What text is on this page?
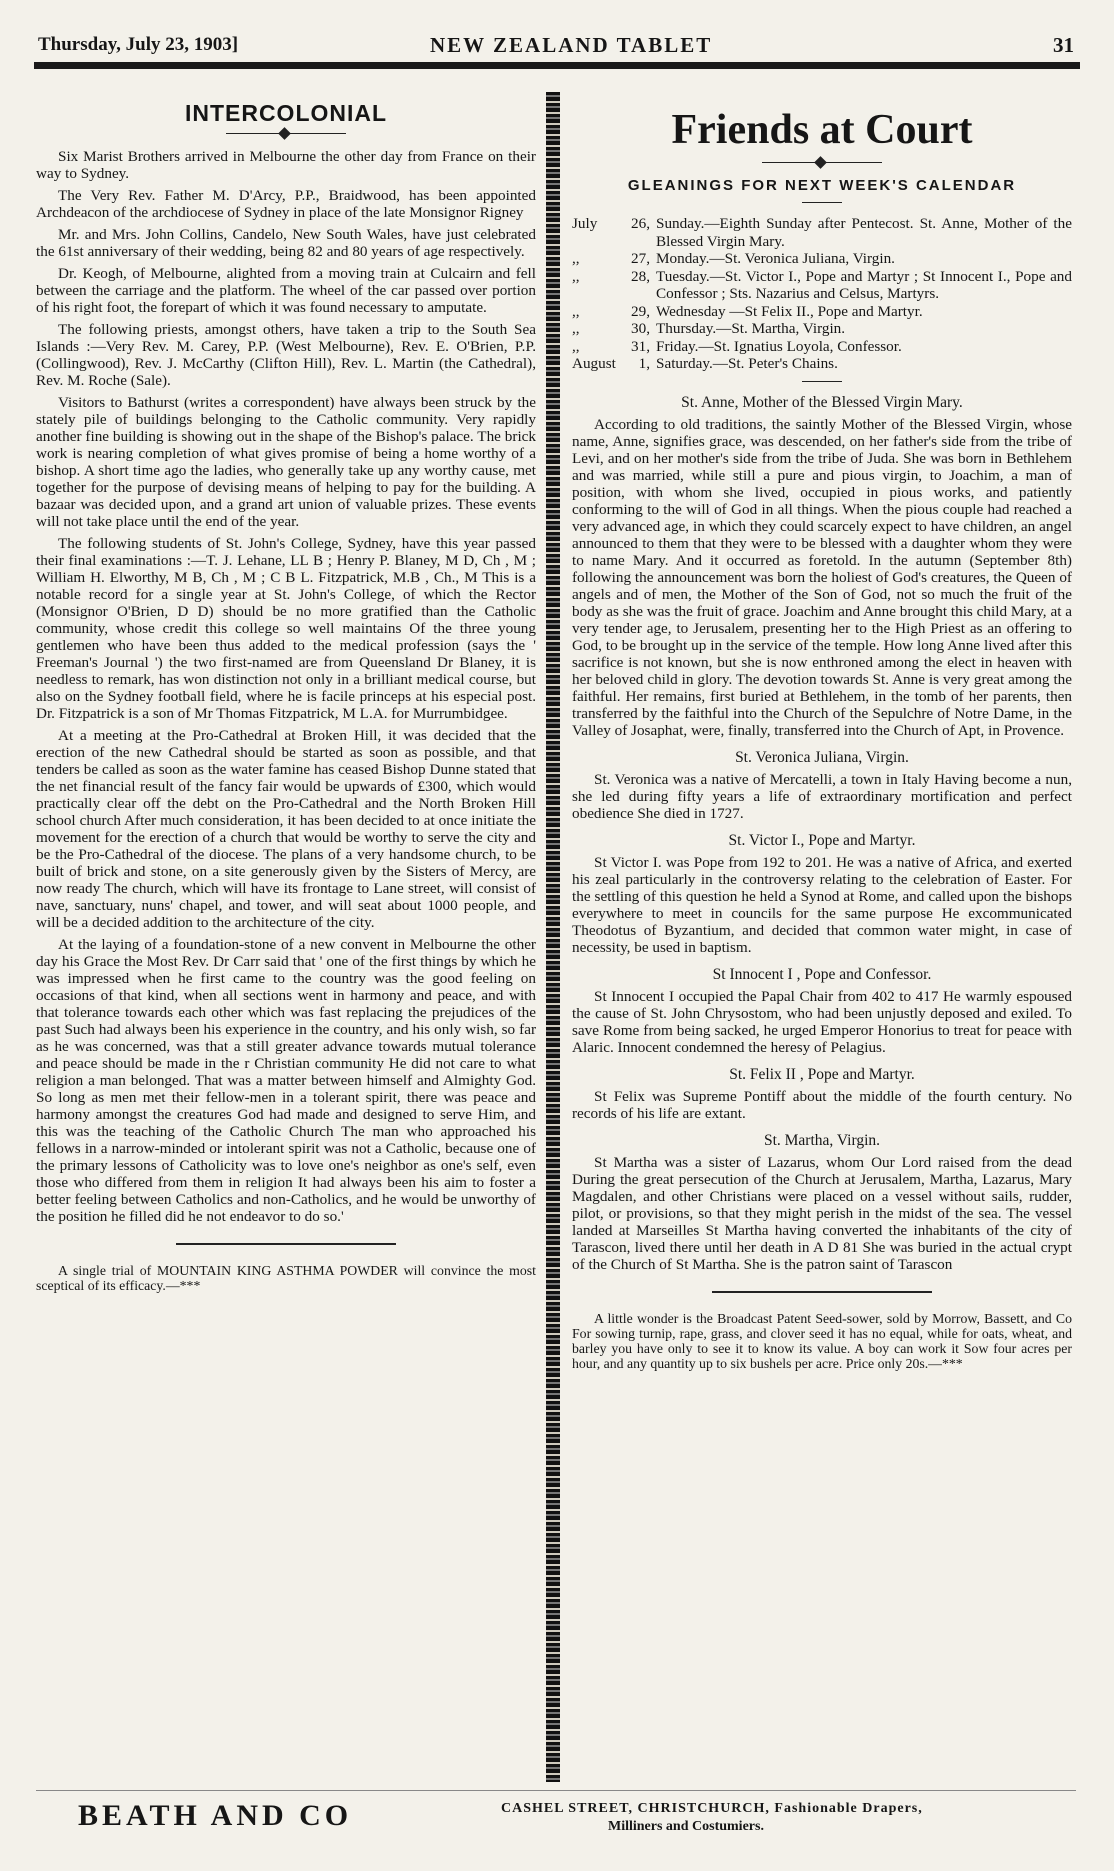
Thursday, July 23, 1903]	NEW ZEALAND TABLET	31
INTERCOLONIAL

Six Marist Brothers arrived in Melbourne the other day from France on their way to Sydney.

The Very Rev. Father M. D'Arcy, P.P., Braidwood, has been appointed Archdeacon of the archdiocese of Sydney in place of the late Monsignor Rigney

Mr. and Mrs. John Collins, Candelo, New South Wales, have just celebrated the 61st anniversary of their wedding, being 82 and 80 years of age respectively.

Dr. Keogh, of Melbourne, alighted from a moving train at Culcairn and fell between the carriage and the platform. The wheel of the car passed over portion of his right foot, the forepart of which it was found necessary to amputate.

The following priests, amongst others, have taken a trip to the South Sea Islands :—Very Rev. M. Carey, P.P. (West Melbourne), Rev. E. O'Brien, P.P. (Collingwood), Rev. J. McCarthy (Clifton Hill), Rev. L. Martin (the Cathedral), Rev. M. Roche (Sale).

Visitors to Bathurst (writes a correspondent) have always been struck by the stately pile of buildings belonging to the Catholic community. Very rapidly another fine building is showing out in the shape of the Bishop's palace. The brick work is nearing completion of what gives promise of being a home worthy of a bishop. A short time ago the ladies, who generally take up any worthy cause, met together for the purpose of devising means of helping to pay for the building. A bazaar was decided upon, and a grand art union of valuable prizes. These events will not take place until the end of the year.

The following students of St. John's College, Sydney, have this year passed their final examinations :—T. J. Lehane, LL B ; Henry P. Blaney, M D, Ch , M ; William H. Elworthy, M B, Ch , M ; C B L. Fitzpatrick, M.B , Ch., M This is a notable record for a single year at St. John's College, of which the Rector (Monsignor O'Brien, D D) should be no more gratified than the Catholic community, whose credit this college so well maintains Of the three young gentlemen who have been thus added to the medical profession (says the ' Freeman's Journal ') the two first-named are from Queensland Dr Blaney, it is needless to remark, has won distinction not only in a brilliant medical course, but also on the Sydney football field, where he is facile princeps at his especial post. Dr. Fitzpatrick is a son of Mr Thomas Fitzpatrick, M L.A. for Murrumbidgee.

At a meeting at the Pro-Cathedral at Broken Hill, it was decided that the erection of the new Cathedral should be started as soon as possible, and that tenders be called as soon as the water famine has ceased Bishop Dunne stated that the net financial result of the fancy fair would be upwards of £300, which would practically clear off the debt on the Pro-Cathedral and the North Broken Hill school church After much consideration, it has been decided to at once initiate the movement for the erection of a church that would be worthy to serve the city and be the Pro-Cathedral of the diocese. The plans of a very handsome church, to be built of brick and stone, on a site generously given by the Sisters of Mercy, are now ready The church, which will have its frontage to Lane street, will consist of nave, sanctuary, nuns' chapel, and tower, and will seat about 1000 people, and will be a decided addition to the architecture of the city.

At the laying of a foundation-stone of a new convent in Melbourne the other day his Grace the Most Rev. Dr Carr said that ' one of the first things by which he was impressed when he first came to the country was the good feeling on occasions of that kind, when all sections went in harmony and peace, and with that tolerance towards each other which was fast replacing the prejudices of the past Such had always been his experience in the country, and his only wish, so far as he was concerned, was that a still greater advance towards mutual tolerance and peace should be made in the r Christian community He did not care to what religion a man belonged. That was a matter between himself and Almighty God. So long as men met their fellow-men in a tolerant spirit, there was peace and harmony amongst the creatures God had made and designed to serve Him, and this was the teaching of the Catholic Church The man who approached his fellows in a narrow-minded or intolerant spirit was not a Catholic, because one of the primary lessons of Catholicity was to love one's neighbor as one's self, even those who differed from them in religion It had always been his aim to foster a better feeling between Catholics and non-Catholics, and he would be unworthy of the position he filled did he not endeavor to do so.'

A single trial of MOUNTAIN KING ASTHMA POWDER will convince the most sceptical of its efficacy.—***

Friends at Court
GLEANINGS FOR NEXT WEEK'S CALENDAR
July	26, Sunday.—Eighth Sunday after Pentecost. St. Anne, Mother of the Blessed Virgin Mary.
,,	27, Monday.—St. Veronica Juliana, Virgin.
,,	28, Tuesday.—St. Victor I., Pope and Martyr ; St Innocent I., Pope and Confessor ; Sts. Nazarius and Celsus, Martyrs.
,,	29, Wednesday —St Felix II., Pope and Martyr.
,,	30, Thursday.—St. Martha, Virgin.
,,	31, Friday.—St. Ignatius Loyola, Confessor.
August	1, Saturday.—St. Peter's Chains.
St. Anne, Mother of the Blessed Virgin Mary.

According to old traditions, the saintly Mother of the Blessed Virgin, whose name, Anne, signifies grace, was descended, on her father's side from the tribe of Levi, and on her mother's side from the tribe of Juda. She was born in Bethlehem and was married, while still a pure and pious virgin, to Joachim, a man of position, with whom she lived, occupied in pious works, and patiently conforming to the will of God in all things. When the pious couple had reached a very advanced age, in which they could scarcely expect to have children, an angel announced to them that they were to be blessed with a daughter whom they were to name Mary. And it occurred as foretold. In the autumn (September 8th) following the announcement was born the holiest of God's creatures, the Queen of angels and of men, the Mother of the Son of God, not so much the fruit of the body as she was the fruit of grace. Joachim and Anne brought this child Mary, at a very tender age, to Jerusalem, presenting her to the High Priest as an offering to God, to be brought up in the service of the temple. How long Anne lived after this sacrifice is not known, but she is now enthroned among the elect in heaven with her beloved child in glory. The devotion towards St. Anne is very great among the faithful. Her remains, first buried at Bethlehem, in the tomb of her parents, then transferred by the faithful into the Church of the Sepulchre of Notre Dame, in the Valley of Josaphat, were, finally, transferred into the Church of Apt, in Provence.

St. Veronica Juliana, Virgin.

St. Veronica was a native of Mercatelli, a town in Italy Having become a nun, she led during fifty years a life of extraordinary mortification and perfect obedience She died in 1727.

St. Victor I., Pope and Martyr.

St Victor I. was Pope from 192 to 201. He was a native of Africa, and exerted his zeal particularly in the controversy relating to the celebration of Easter. For the settling of this question he held a Synod at Rome, and called upon the bishops everywhere to meet in councils for the same purpose He excommunicated Theodotus of Byzantium, and decided that common water might, in case of necessity, be used in baptism.

St Innocent I , Pope and Confessor.

St Innocent I occupied the Papal Chair from 402 to 417 He warmly espoused the cause of St. John Chrysostom, who had been unjustly deposed and exiled. To save Rome from being sacked, he urged Emperor Honorius to treat for peace with Alaric. Innocent condemned the heresy of Pelagius.

St. Felix II , Pope and Martyr.

St Felix was Supreme Pontiff about the middle of the fourth century. No records of his life are extant.

St. Martha, Virgin.

St Martha was a sister of Lazarus, whom Our Lord raised from the dead During the great persecution of the Church at Jerusalem, Martha, Lazarus, Mary Magdalen, and other Christians were placed on a vessel without sails, rudder, pilot, or provisions, so that they might perish in the midst of the sea. The vessel landed at Marseilles St Martha having converted the inhabitants of the city of Tarascon, lived there until her death in A D 81 She was buried in the actual crypt of the Church of St Martha. She is the patron saint of Tarascon

A little wonder is the Broadcast Patent Seed-sower, sold by Morrow, Bassett, and Co For sowing turnip, rape, grass, and clover seed it has no equal, while for oats, wheat, and barley you have only to see it to know its value. A boy can work it Sow four acres per hour, and any quantity up to six bushels per acre. Price only 20s.—***

BEATH AND CO	CASHEL STREET, CHRISTCHURCH, Fashionable Drapers,
Milliners and Costumiers.
